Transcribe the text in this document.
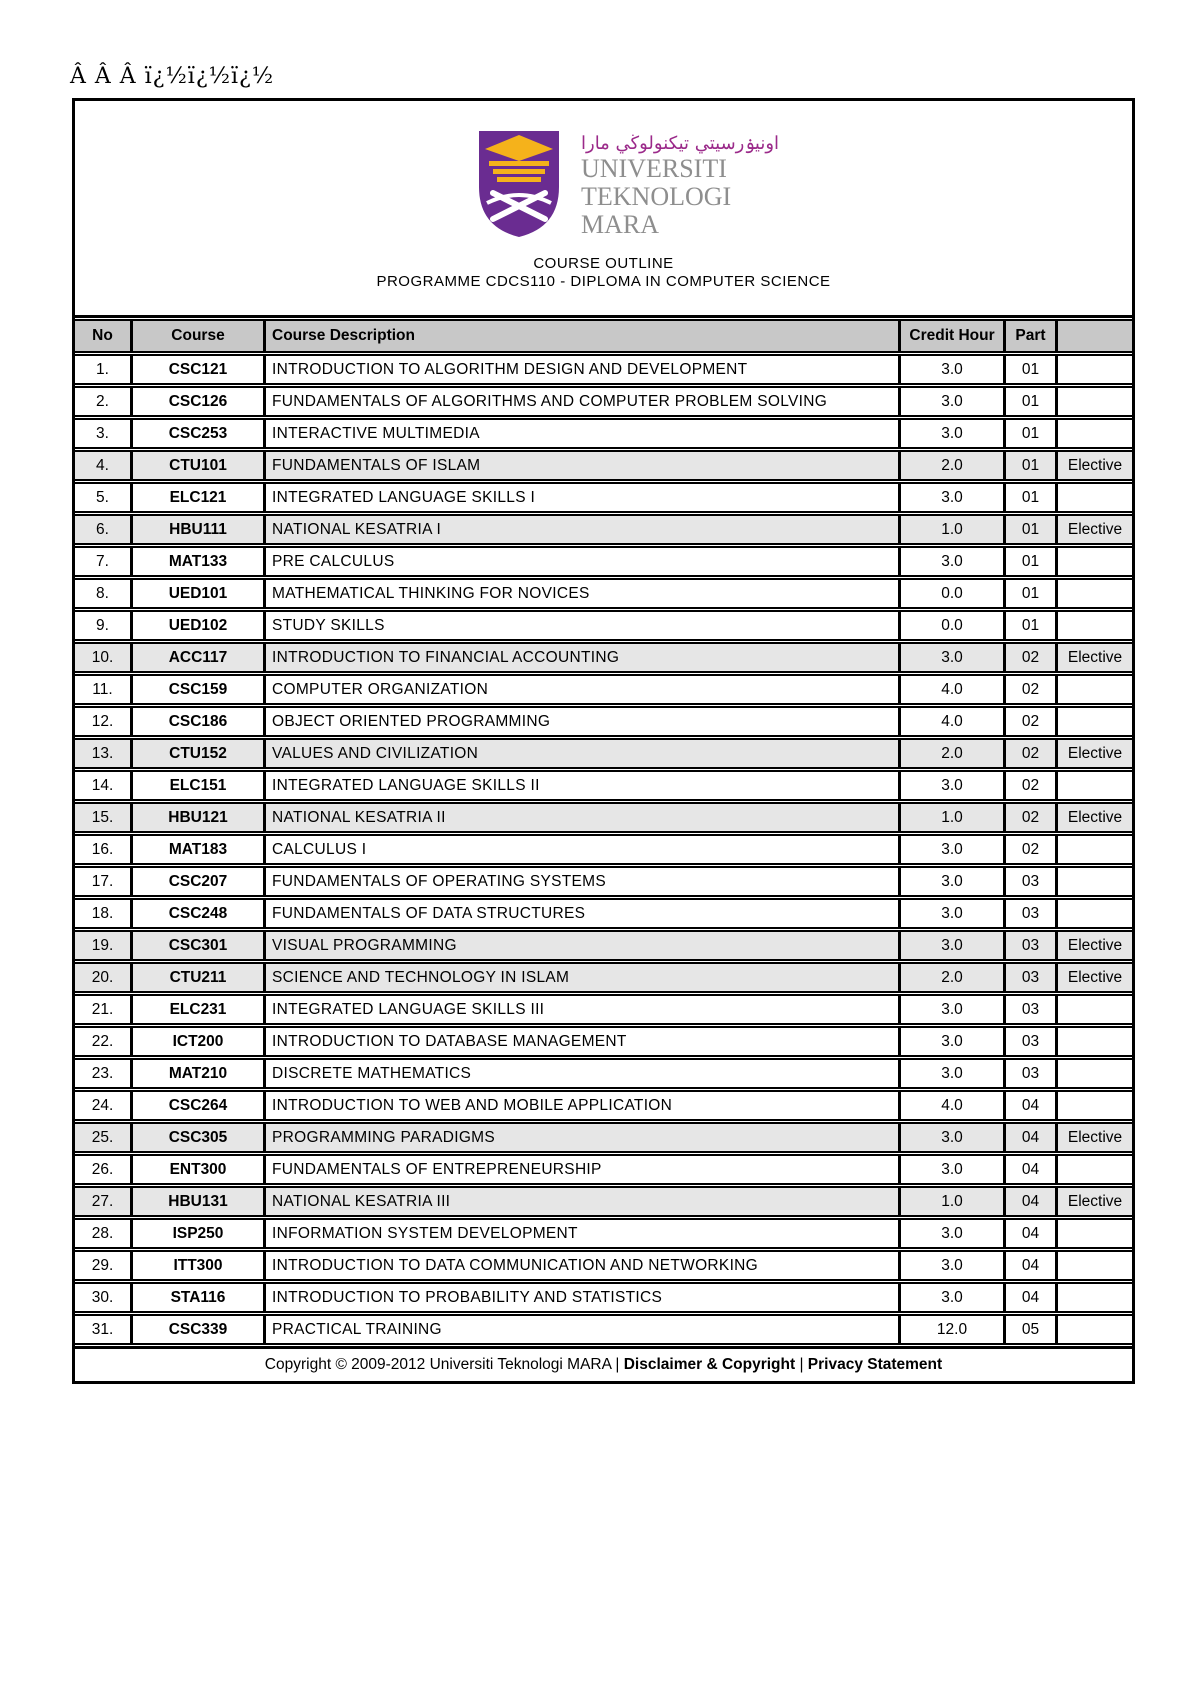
Â Â Â ï¿½ï¿½ï¿½
اونيۏرسيتي تيكنولوڬي مارا
UNIVERSITI
TEKNOLOGI
MARA
COURSE OUTLINE
PROGRAMME CDCS110 - DIPLOMA IN COMPUTER SCIENCE
No	Course	Course Description	Credit Hour	Part	
1.	CSC121	INTRODUCTION TO ALGORITHM DESIGN AND DEVELOPMENT	3.0	01	
2.	CSC126	FUNDAMENTALS OF ALGORITHMS AND COMPUTER PROBLEM SOLVING	3.0	01	
3.	CSC253	INTERACTIVE MULTIMEDIA	3.0	01	
4.	CTU101	FUNDAMENTALS OF ISLAM	2.0	01	Elective
5.	ELC121	INTEGRATED LANGUAGE SKILLS I	3.0	01	
6.	HBU111	NATIONAL KESATRIA I	1.0	01	Elective
7.	MAT133	PRE CALCULUS	3.0	01	
8.	UED101	MATHEMATICAL THINKING FOR NOVICES	0.0	01	
9.	UED102	STUDY SKILLS	0.0	01	
10.	ACC117	INTRODUCTION TO FINANCIAL ACCOUNTING	3.0	02	Elective
11.	CSC159	COMPUTER ORGANIZATION	4.0	02	
12.	CSC186	OBJECT ORIENTED PROGRAMMING	4.0	02	
13.	CTU152	VALUES AND CIVILIZATION	2.0	02	Elective
14.	ELC151	INTEGRATED LANGUAGE SKILLS II	3.0	02	
15.	HBU121	NATIONAL KESATRIA II	1.0	02	Elective
16.	MAT183	CALCULUS I	3.0	02	
17.	CSC207	FUNDAMENTALS OF OPERATING SYSTEMS	3.0	03	
18.	CSC248	FUNDAMENTALS OF DATA STRUCTURES	3.0	03	
19.	CSC301	VISUAL PROGRAMMING	3.0	03	Elective
20.	CTU211	SCIENCE AND TECHNOLOGY IN ISLAM	2.0	03	Elective
21.	ELC231	INTEGRATED LANGUAGE SKILLS III	3.0	03	
22.	ICT200	INTRODUCTION TO DATABASE MANAGEMENT	3.0	03	
23.	MAT210	DISCRETE MATHEMATICS	3.0	03	
24.	CSC264	INTRODUCTION TO WEB AND MOBILE APPLICATION	4.0	04	
25.	CSC305	PROGRAMMING PARADIGMS	3.0	04	Elective
26.	ENT300	FUNDAMENTALS OF ENTREPRENEURSHIP	3.0	04	
27.	HBU131	NATIONAL KESATRIA III	1.0	04	Elective
28.	ISP250	INFORMATION SYSTEM DEVELOPMENT	3.0	04	
29.	ITT300	INTRODUCTION TO DATA COMMUNICATION AND NETWORKING	3.0	04	
30.	STA116	INTRODUCTION TO PROBABILITY AND STATISTICS	3.0	04	
31.	CSC339	PRACTICAL TRAINING	12.0	05	
Copyright © 2009-2012 Universiti Teknologi MARA | Disclaimer & Copyright | Privacy Statement
